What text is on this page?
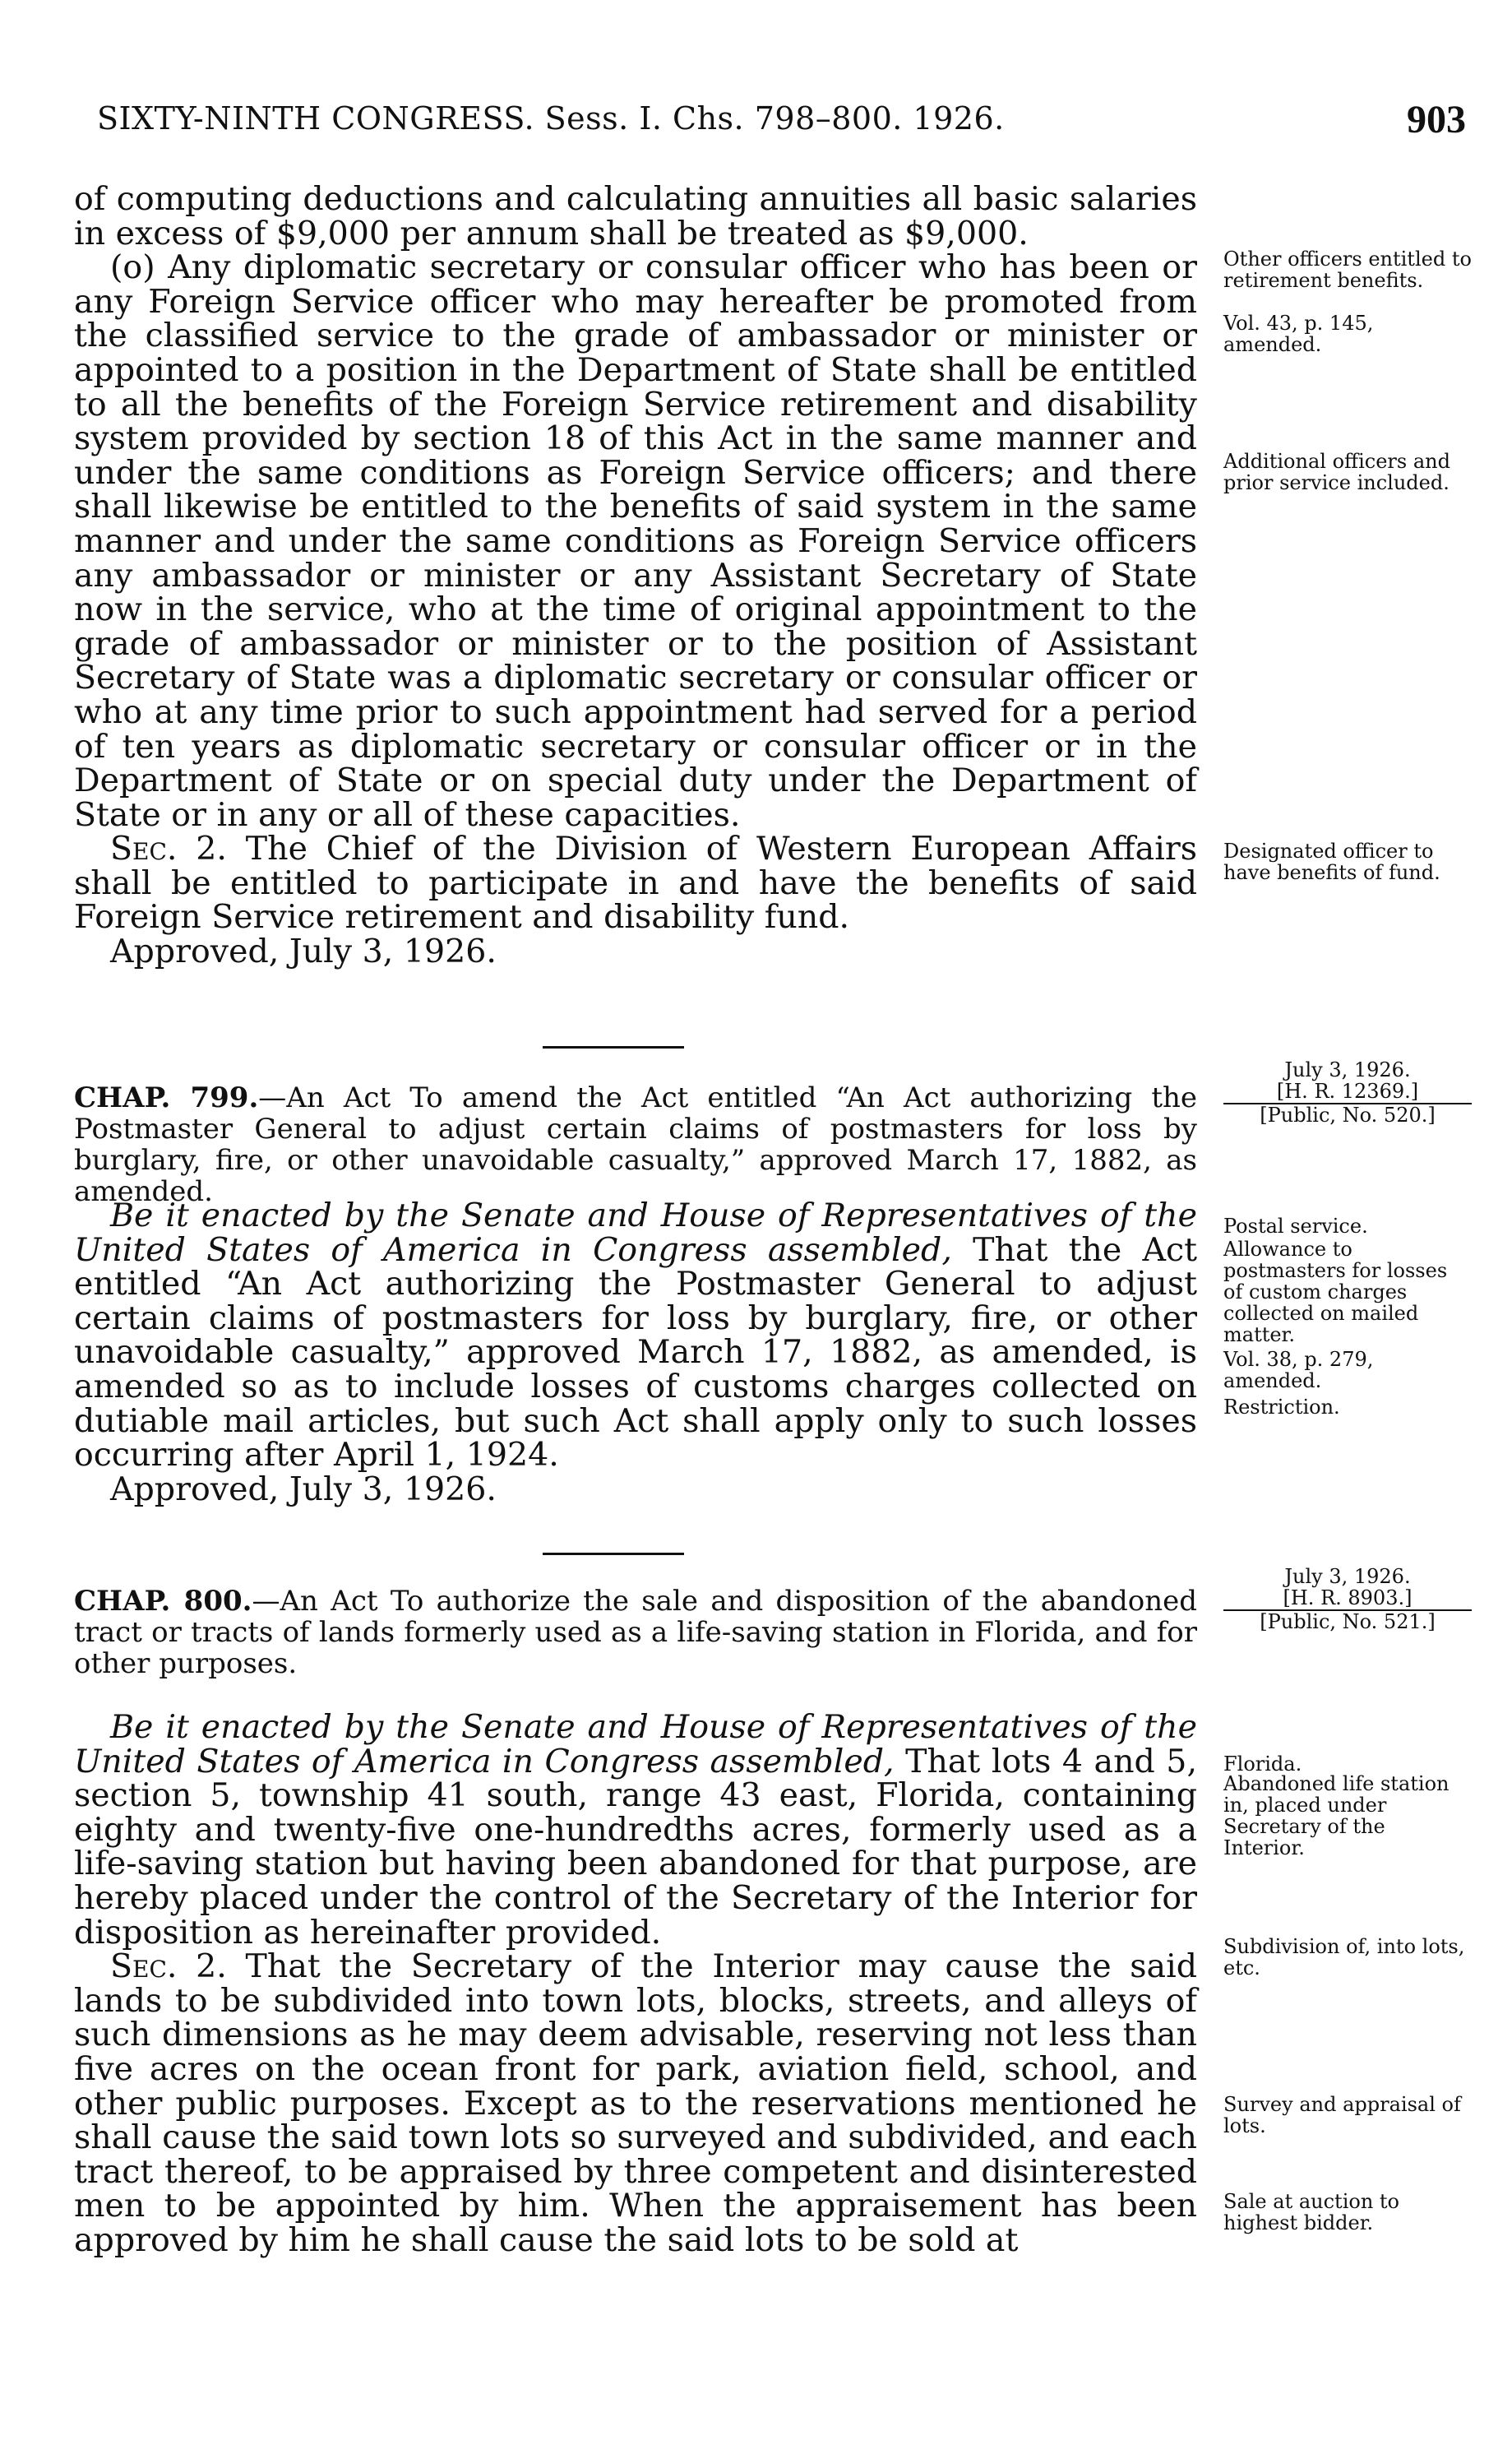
SIXTY-NINTH CONGRESS. Sess. I. Chs. 798–800. 1926.	903

of computing deductions and calculating annuities all basic salaries in excess of $9,000 per annum shall be treated as $9,000.

(o) Any diplomatic secretary or consular officer who has been or any Foreign Service officer who may hereafter be promoted from the classified service to the grade of ambassador or minister or appointed to a position in the Department of State shall be entitled to all the benefits of the Foreign Service retirement and disability system provided by section 18 of this Act in the same manner and under the same conditions as Foreign Service officers; and there shall likewise be entitled to the benefits of said system in the same manner and under the same conditions as Foreign Service officers any ambassador or minister or any Assistant Secretary of State now in the service, who at the time of original appointment to the grade of ambassador or minister or to the position of Assistant Secretary of State was a diplomatic secretary or consular officer or who at any time prior to such appointment had served for a period of ten years as diplomatic secretary or consular officer or in the Department of State or on special duty under the Department of State or in any or all of these capacities.

Sec. 2. The Chief of the Division of Western European Affairs shall be entitled to participate in and have the benefits of said Foreign Service retirement and disability fund.

Approved, July 3, 1926.

Other officers entitled to retirement benefits.
Vol. 43, p. 145, amended.
Additional officers and prior service included.
Designated officer to have benefits of fund.
CHAP. 799.—An Act To amend the Act entitled “An Act authorizing the Postmaster General to adjust certain claims of postmasters for loss by burglary, fire, or other unavoidable casualty,” approved March 17, 1882, as amended.
July 3, 1926.
[H. R. 12369.]
[Public, No. 520.]

Be it enacted by the Senate and House of Representatives of the United States of America in Congress assembled, That the Act entitled “An Act authorizing the Postmaster General to adjust certain claims of postmasters for loss by burglary, fire, or other unavoidable casualty,” approved March 17, 1882, as amended, is amended so as to include losses of customs charges collected on dutiable mail articles, but such Act shall apply only to such losses occurring after April 1, 1924.

Approved, July 3, 1926.

Postal service.
Allowance to postmasters for losses of custom charges collected on mailed matter.
Vol. 38, p. 279, amended.
Restriction.
CHAP. 800.—An Act To authorize the sale and disposition of the abandoned tract or tracts of lands formerly used as a life-saving station in Florida, and for other purposes.
July 3, 1926.
[H. R. 8903.]
[Public, No. 521.]

Be it enacted by the Senate and House of Representatives of the United States of America in Congress assembled, That lots 4 and 5, section 5, township 41 south, range 43 east, Florida, containing eighty and twenty-five one-hundredths acres, formerly used as a life-saving station but having been abandoned for that purpose, are hereby placed under the control of the Secretary of the Interior for disposition as hereinafter provided.

Sec. 2. That the Secretary of the Interior may cause the said lands to be subdivided into town lots, blocks, streets, and alleys of such dimensions as he may deem advisable, reserving not less than five acres on the ocean front for park, aviation field, school, and other public purposes. Except as to the reservations mentioned he shall cause the said town lots so surveyed and subdivided, and each tract thereof, to be appraised by three competent and disinterested men to be appointed by him. When the appraisement has been approved by him he shall cause the said lots to be sold at

Florida.
Abandoned life station in, placed under Secretary of the Interior.
Subdivision of, into lots, etc.
Survey and appraisal of lots.
Sale at auction to highest bidder.
